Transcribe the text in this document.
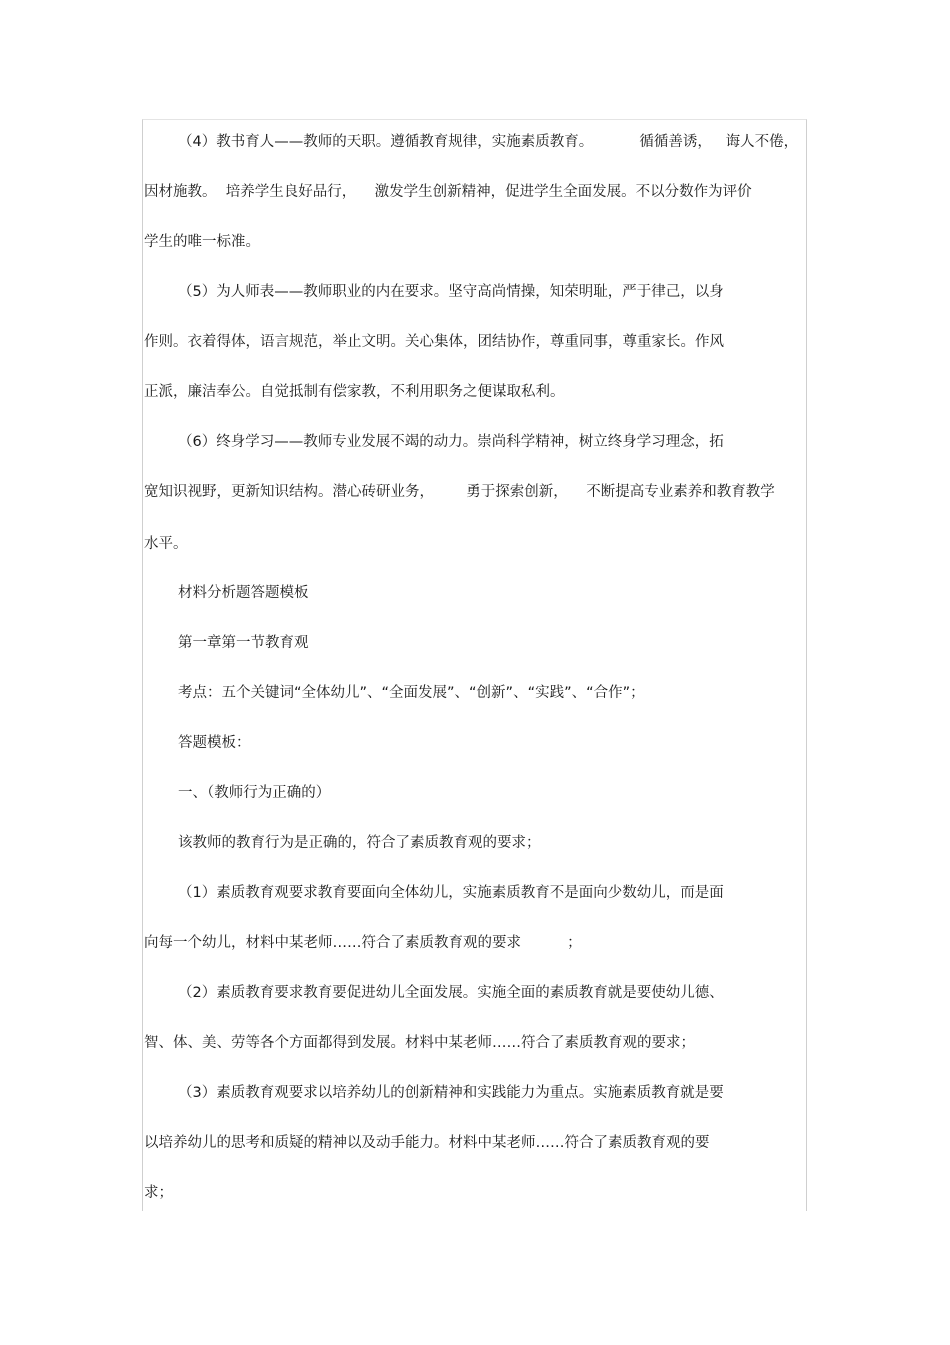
（4）教书育人——教师的天职。遵循教育规律，实施素质教育。          循循善诱，   诲人不倦，
因材施教。  培养学生良好品行，    激发学生创新精神，促进学生全面发展。不以分数作为评价
学生的唯一标准。
（5）为人师表——教师职业的内在要求。坚守高尚情操，知荣明耻，严于律己，以身
作则。衣着得体，语言规范，举止文明。关心集体，团结协作，尊重同事，尊重家长。作风
正派，廉洁奉公。自觉抵制有偿家教，不利用职务之便谋取私利。
（6）终身学习——教师专业发展不竭的动力。崇尚科学精神，树立终身学习理念，拓
宽知识视野，更新知识结构。潜心砖研业务，       勇于探索创新，    不断提高专业素养和教育教学
水平。
材料分析题答题模板
第一章第一节教育观
考点：五个关键词“全体幼儿”、“全面发展”、“创新”、“实践”、“合作”；
答题模板：
一、（教师行为正确的）
该教师的教育行为是正确的，符合了素质教育观的要求；
（1）素质教育观要求教育要面向全体幼儿，实施素质教育不是面向少数幼儿，而是面
向每一个幼儿，材料中某老师……符合了素质教育观的要求          ；
（2）素质教育要求教育要促进幼儿全面发展。实施全面的素质教育就是要使幼儿德、
智、体、美、劳等各个方面都得到发展。材料中某老师……符合了素质教育观的要求；
（3）素质教育观要求以培养幼儿的创新精神和实践能力为重点。实施素质教育就是要
以培养幼儿的思考和质疑的精神以及动手能力。材料中某老师……符合了素质教育观的要
求；
